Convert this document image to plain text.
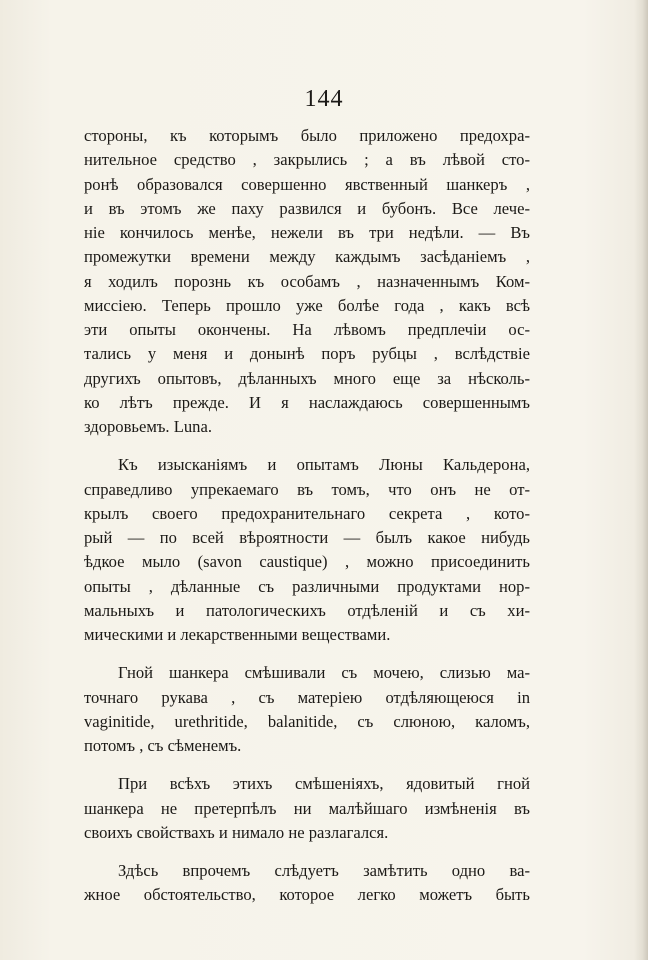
144
стороны, къ которымъ было приложено предохра-
нительное средство , закрылись ; а въ лѣвой сто-
ронѣ образовался совершенно явственный шанкеръ ,
и въ этомъ же паху развился и бубонъ. Все лече-
ніе кончилось менѣе, нежели въ три недѣли. — Въ
промежутки времени между каждымъ засѣданіемъ ,
я ходилъ порознь къ особамъ , назначеннымъ Ком-
миссіею. Теперь прошло уже болѣе года , какъ всѣ
эти опыты окончены. На лѣвомъ предплечіи ос-
тались у меня и донынѣ поръ рубцы , вслѣдствіе
другихъ опытовъ, дѣланныхъ много еще за нѣсколь-
ко лѣтъ прежде. И я наслаждаюсь совершеннымъ
здоровьемъ. Luna.
Къ изысканіямъ и опытамъ Люны Кальдерона,
справедливо упрекаемаго въ томъ, что онъ не от-
крылъ своего предохранительнаго секрета , кото-
рый — по всей вѣроятности — былъ какое нибудь
ѣдкое мыло (savon caustique) , можно присоединить
опыты , дѣланные съ различными продуктами нор-
мальныхъ и патологическихъ отдѣленій и съ хи-
мическими и лекарственными веществами.
Гной шанкера смѣшивали съ мочею, слизью ма-
точнаго рукава , съ матеріею отдѣляющеюся in
vaginitide, urethritide, balanitide, съ слюною, каломъ,
потомъ , съ сѣменемъ.
При всѣхъ этихъ смѣшеніяхъ, ядовитый гной
шанкера не претерпѣлъ ни малѣйшаго измѣненія въ
своихъ свойствахъ и нимало не разлагался.
Здѣсь впрочемъ слѣдуетъ замѣтить одно ва-
жное обстоятельство, которое легко можетъ быть
